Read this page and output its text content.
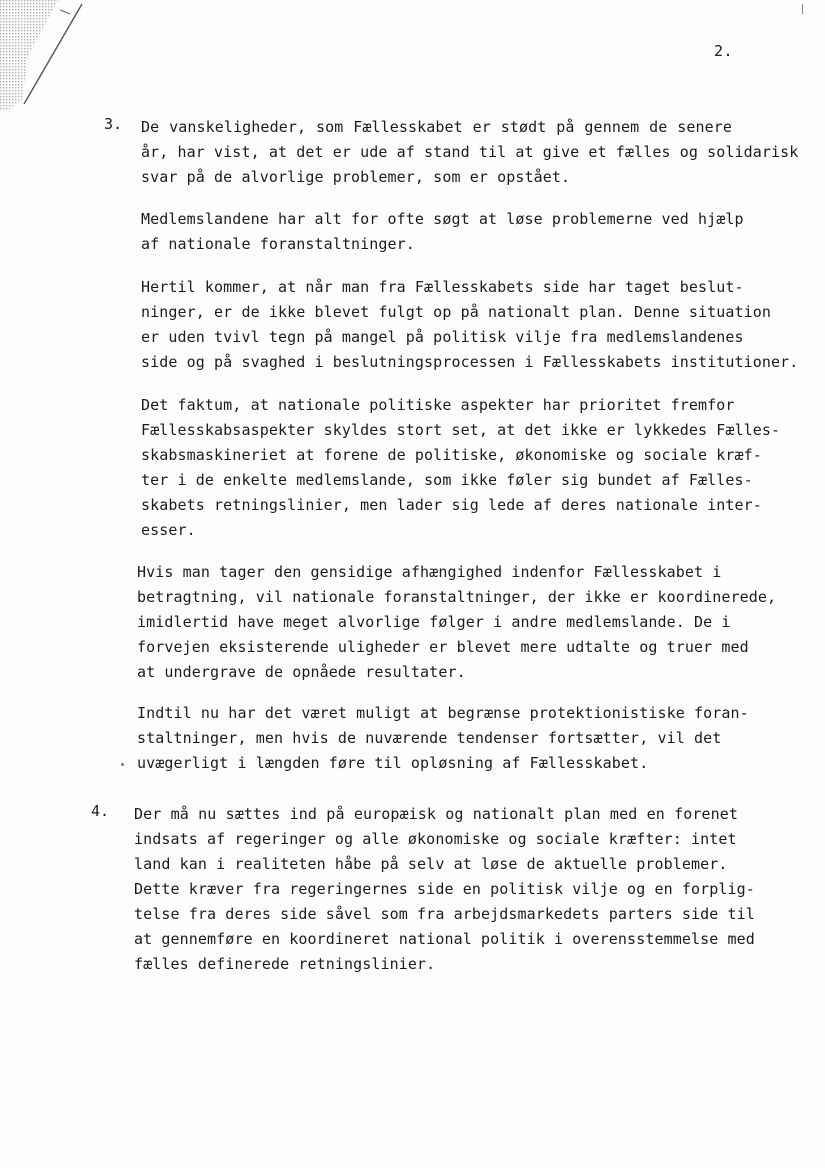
2.
3. De vanskeligheder, som Fællesskabet er stødt på gennem de senere
år, har vist, at det er ude af stand til at give et fælles og solidarisk
svar på de alvorlige problemer, som er opstået.
Medlemslandene har alt for ofte søgt at løse problemerne ved hjælp
af nationale foranstaltninger.
Hertil kommer, at når man fra Fællesskabets side har taget beslut-
ninger, er de ikke blevet fulgt op på nationalt plan. Denne situation
er uden tvivl tegn på mangel på politisk vilje fra medlemslandenes
side og på svaghed i beslutningsprocessen i Fællesskabets institutioner.
Det faktum, at nationale politiske aspekter har prioritet fremfor
Fællesskabsaspekter skyldes stort set, at det ikke er lykkedes Fælles-
skabsmaskineriet at forene de politiske, økonomiske og sociale kræf-
ter i de enkelte medlemslande, som ikke føler sig bundet af Fælles-
skabets retningslinier, men lader sig lede af deres nationale inter-
esser.
Hvis man tager den gensidige afhængighed indenfor Fællesskabet i
betragtning, vil nationale foranstaltninger, der ikke er koordinerede,
imidlertid have meget alvorlige følger i andre medlemslande. De i
forvejen eksisterende uligheder er blevet mere udtalte og truer med
at undergrave de opnåede resultater.
Indtil nu har det været muligt at begrænse protektionistiske foran-
staltninger, men hvis de nuværende tendenser fortsætter, vil det
uvægerligt i længden føre til opløsning af Fællesskabet.
4. Der må nu sættes ind på europæisk og nationalt plan med en forenet
indsats af regeringer og alle økonomiske og sociale kræfter: intet
land kan i realiteten håbe på selv at løse de aktuelle problemer.
Dette kræver fra regeringernes side en politisk vilje og en forplig-
telse fra deres side såvel som fra arbejdsmarkedets parters side til
at gennemføre en koordineret national politik i overensstemmelse med
fælles definerede retningslinier.
